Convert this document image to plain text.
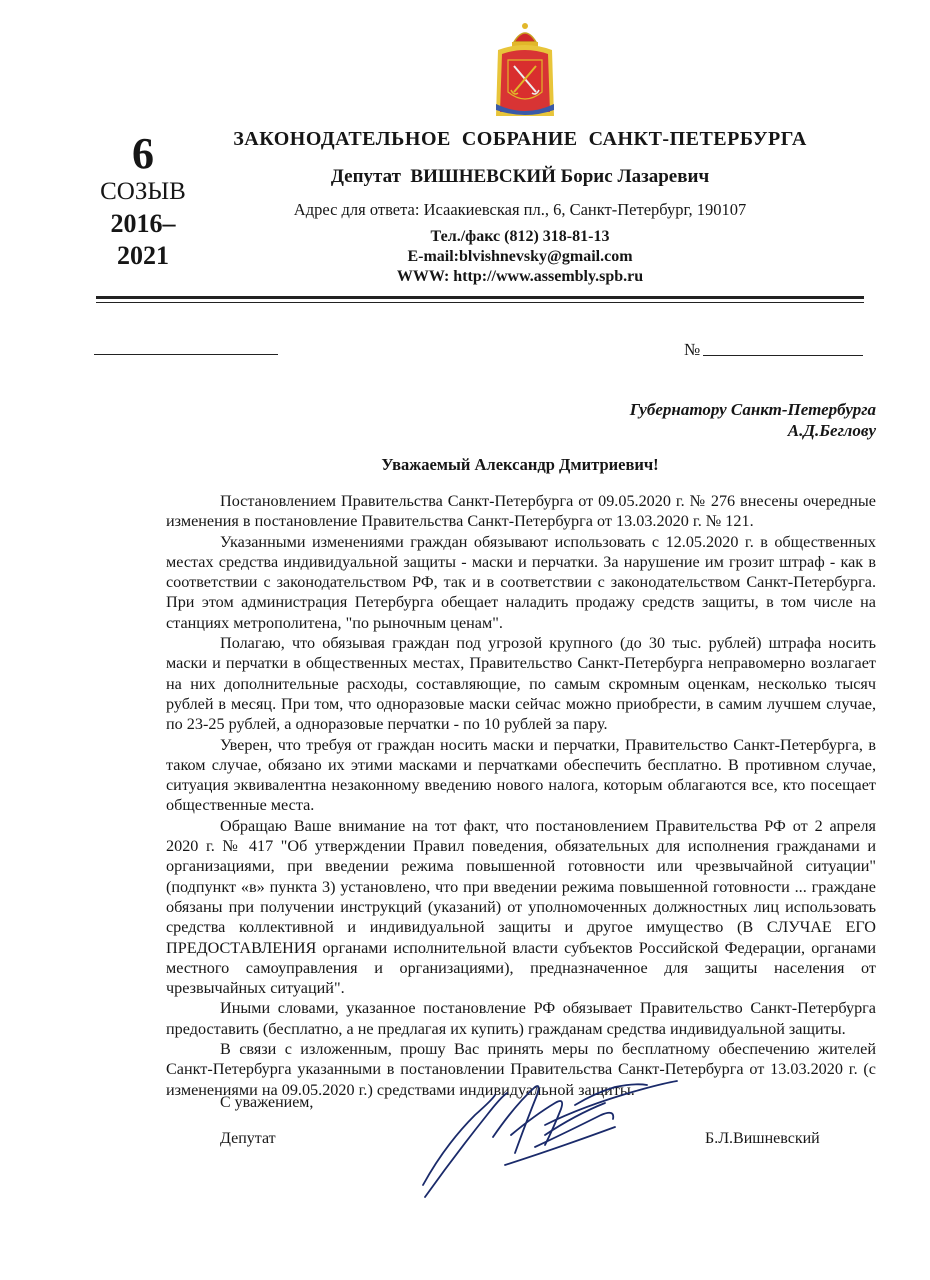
6
СОЗЫВ
2016–
2021
ЗАКОНОДАТЕЛЬНОЕ  СОБРАНИЕ  САНКТ-ПЕТЕРБУРГА
Депутат  ВИШНЕВСКИЙ Борис Лазаревич
Адрес для ответа: Исаакиевская пл., 6, Санкт-Петербург, 190107
Тел./факс (812) 318-81-13
E-mail:blvishnevsky@gmail.com
WWW: http://www.assembly.spb.ru
№
Губернатору Санкт-Петербурга
А.Д.Беглову
Уважаемый Александр Дмитриевич!

Постановлением Правительства Санкт-Петербурга от 09.05.2020 г. № 276 внесены очередные изменения в постановление Правительства Санкт-Петербурга от 13.03.2020 г. № 121.

Указанными изменениями граждан обязывают использовать с 12.05.2020 г. в общественных местах средства индивидуальной защиты - маски и перчатки. За нарушение им грозит штраф - как в соответствии с законодательством РФ, так и в соответствии с законодательством Санкт-Петербурга. При этом администрация Петербурга обещает наладить продажу средств защиты, в том числе на станциях метрополитена, "по рыночным ценам".

Полагаю, что обязывая граждан под угрозой крупного (до 30 тыс. рублей) штрафа носить маски и перчатки в общественных местах, Правительство Санкт-Петербурга неправомерно возлагает на них дополнительные расходы, составляющие, по самым скромным оценкам, несколько тысяч рублей в месяц. При том, что одноразовые маски сейчас можно приобрести, в самим лучшем случае, по 23-25 рублей, а одноразовые перчатки - по 10 рублей за пару.

Уверен, что требуя от граждан носить маски и перчатки, Правительство Санкт-Петербурга, в таком случае, обязано их этими масками и перчатками обеспечить бесплатно. В противном случае, ситуация эквивалентна незаконному введению нового налога, которым облагаются все, кто посещает общественные места.

Обращаю Ваше внимание на тот факт, что постановлением Правительства РФ от 2 апреля 2020 г. № 417 "Об утверждении Правил поведения, обязательных для исполнения гражданами и организациями, при введении режима повышенной готовности или чрезвычайной ситуации" (подпункт «в» пункта 3) установлено, что при введении режима повышенной готовности ... граждане обязаны при получении инструкций (указаний) от уполномоченных должностных лиц использовать средства коллективной и индивидуальной защиты и другое имущество (В СЛУЧАЕ ЕГО ПРЕДОСТАВЛЕНИЯ органами исполнительной власти субъектов Российской Федерации, органами местного самоуправления и организациями), предназначенное для защиты населения от чрезвычайных ситуаций".

Иными словами, указанное постановление РФ обязывает Правительство Санкт-Петербурга предоставить (бесплатно, а не предлагая их купить) гражданам средства индивидуальной защиты.

В связи с изложенным, прошу Вас принять меры по бесплатному обеспечению жителей Санкт-Петербурга указанными в постановлении Правительства Санкт-Петербурга от 13.03.2020 г. (с изменениями на 09.05.2020 г.) средствами индивидуальной защиты.

С уважением,
Депутат	Б.Л.Вишневский
